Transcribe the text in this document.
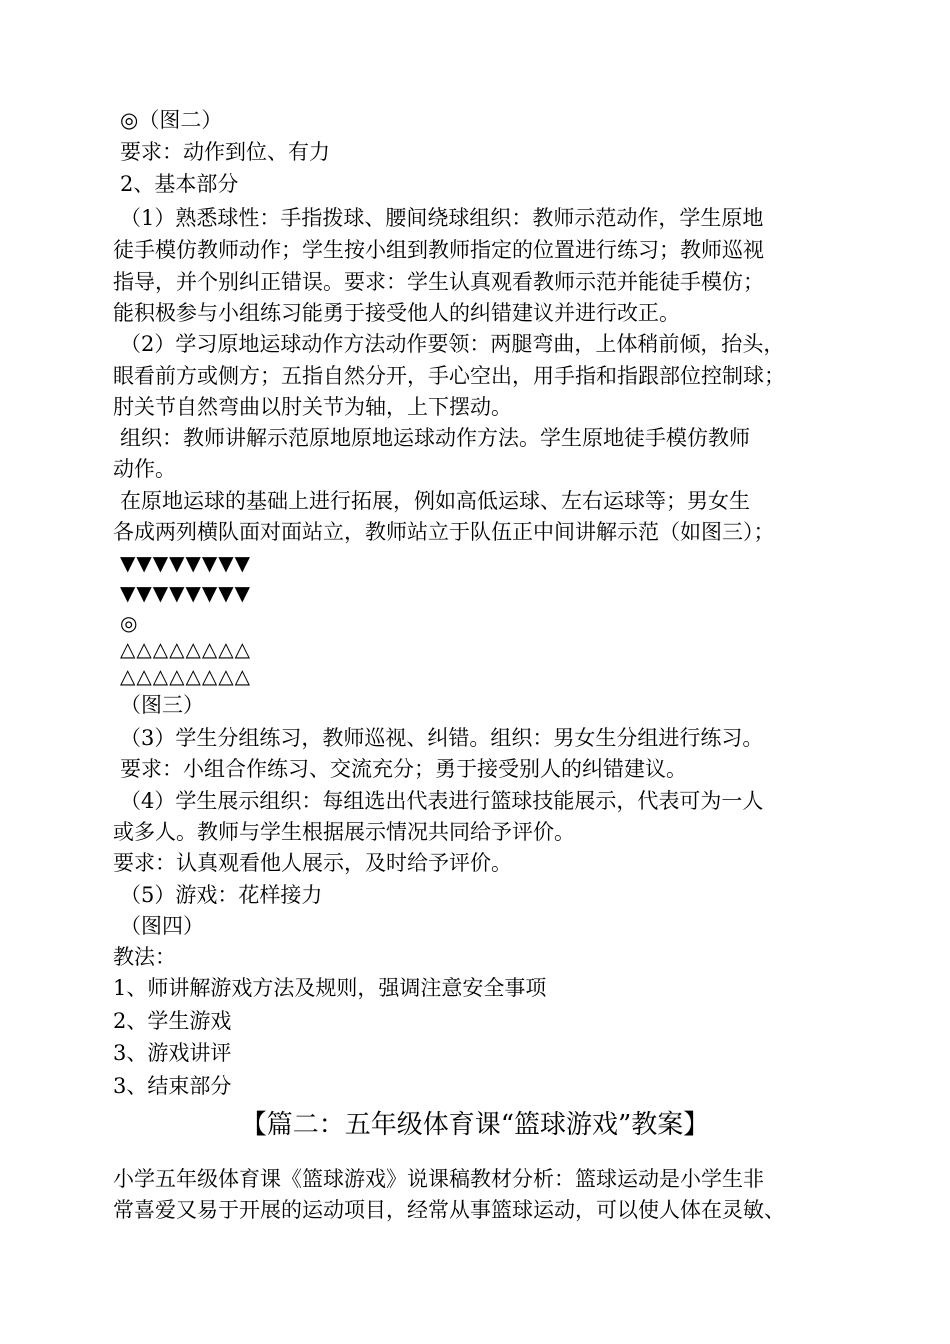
◎（图二）
要求：动作到位、有力
2、基本部分
（1）熟悉球性：手指拨球、腰间绕球组织：教师示范动作，学生原地
徒手模仿教师动作；学生按小组到教师指定的位置进行练习；教师巡视
指导，并个别纠正错误。要求：学生认真观看教师示范并能徒手模仿；
能积极参与小组练习能勇于接受他人的纠错建议并进行改正。
（2）学习原地运球动作方法动作要领：两腿弯曲，上体稍前倾，抬头，
眼看前方或侧方；五指自然分开，手心空出，用手指和指跟部位控制球；
肘关节自然弯曲以肘关节为轴，上下摆动。
组织：教师讲解示范原地原地运球动作方法。学生原地徒手模仿教师
动作。
在原地运球的基础上进行拓展，例如高低运球、左右运球等；男女生
各成两列横队面对面站立，教师站立于队伍正中间讲解示范（如图三）；
▼▼▼▼▼▼▼▼
▼▼▼▼▼▼▼▼
◎
△△△△△△△△
△△△△△△△△
（图三）
（3）学生分组练习，教师巡视、纠错。组织：男女生分组进行练习。
要求：小组合作练习、交流充分；勇于接受别人的纠错建议。
（4）学生展示组织：每组选出代表进行篮球技能展示，代表可为一人
或多人。教师与学生根据展示情况共同给予评价。
要求：认真观看他人展示，及时给予评价。
（5）游戏：花样接力
（图四）
教法：
1、师讲解游戏方法及规则，强调注意安全事项
2、学生游戏
3、游戏讲评
3、结束部分
【篇二：五年级体育课“篮球游戏”教案】
小学五年级体育课《篮球游戏》说课稿教材分析：篮球运动是小学生非
常喜爱又易于开展的运动项目，经常从事篮球运动，可以使人体在灵敏、
